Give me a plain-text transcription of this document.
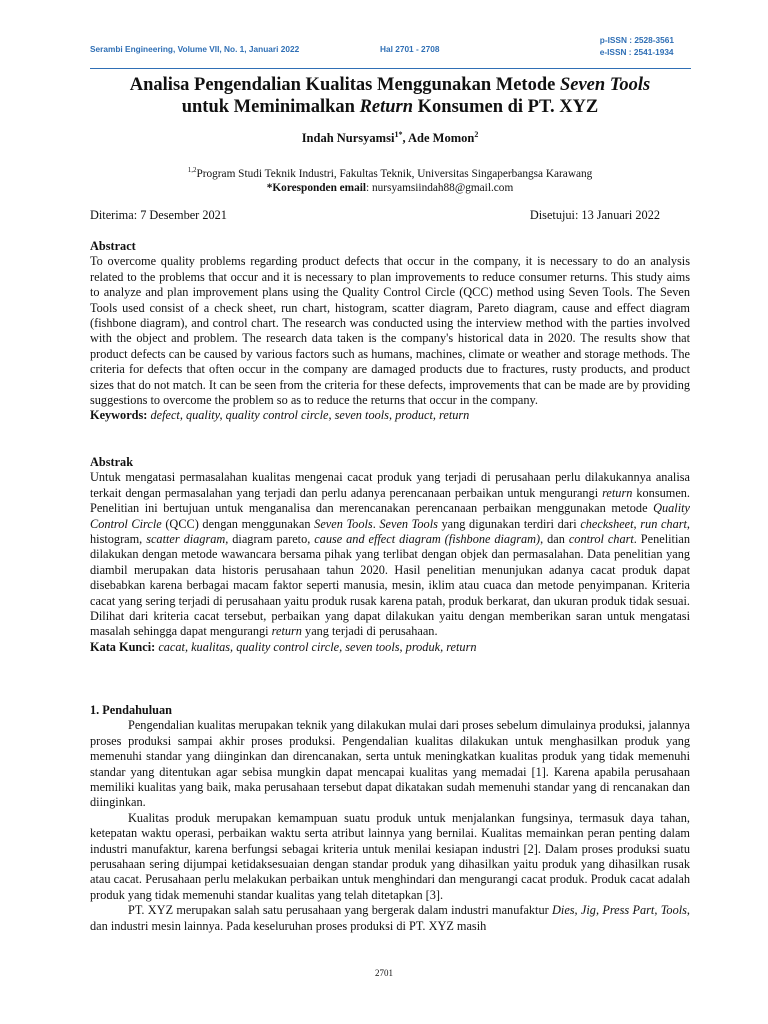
Serambi Engineering, Volume VII, No. 1, Januari 2022	Hal 2701 - 2708
p-ISSN : 2528-3561
e-ISSN : 2541-1934
Analisa Pengendalian Kualitas Menggunakan Metode Seven Tools
untuk Meminimalkan Return Konsumen di PT. XYZ
Indah Nursyamsi$^{1*}$, Ade Momon$^2$
$^{1,2}$Program Studi Teknik Industri, Fakultas Teknik, Universitas Singaperbangsa Karawang
*Koresponden email: nursyamsiindah88@gmail.com
Diterima: 7 Desember 2021	Disetujui: 13 Januari 2022
Abstract

To overcome quality problems regarding product defects that occur in the company, it is necessary to do an analysis related to the problems that occur and it is necessary to plan improvements to reduce consumer returns. This study aims to analyze and plan improvement plans using the Quality Control Circle (QCC) method using Seven Tools. The Seven Tools used consist of a check sheet, run chart, histogram, scatter diagram, Pareto diagram, cause and effect diagram (fishbone diagram), and control chart. The research was conducted using the interview method with the parties involved with the object and problem. The research data taken is the company's historical data in 2020. The results show that product defects can be caused by various factors such as humans, machines, climate or weather and storage methods. The criteria for defects that often occur in the company are damaged products due to fractures, rusty products, and product sizes that do not match. It can be seen from the criteria for these defects, improvements that can be made are by providing suggestions to overcome the problem so as to reduce the returns that occur in the company.

Keywords: defect, quality, quality control circle, seven tools, product, return

Abstrak

Untuk mengatasi permasalahan kualitas mengenai cacat produk yang terjadi di perusahaan perlu dilakukannya analisa terkait dengan permasalahan yang terjadi dan perlu adanya perencanaan perbaikan untuk mengurangi return konsumen. Penelitian ini bertujuan untuk menganalisa dan merencanakan perencanaan perbaikan menggunakan metode Quality Control Circle (QCC) dengan menggunakan Seven Tools. Seven Tools yang digunakan terdiri dari checksheet, run chart, histogram, scatter diagram, diagram pareto, cause and effect diagram (fishbone diagram), dan control chart. Penelitian dilakukan dengan metode wawancara bersama pihak yang terlibat dengan objek dan permasalahan. Data penelitian yang diambil merupakan data historis perusahaan tahun 2020. Hasil penelitian menunjukan adanya cacat produk dapat disebabkan karena berbagai macam faktor seperti manusia, mesin, iklim atau cuaca dan metode penyimpanan. Kriteria cacat yang sering terjadi di perusahaan yaitu produk rusak karena patah, produk berkarat, dan ukuran produk tidak sesuai. Dilihat dari kriteria cacat tersebut, perbaikan yang dapat dilakukan yaitu dengan memberikan saran untuk mengatasi masalah sehingga dapat mengurangi return yang terjadi di perusahaan.

Kata Kunci: cacat, kualitas, quality control circle, seven tools, produk, return

1. Pendahuluan

Pengendalian kualitas merupakan teknik yang dilakukan mulai dari proses sebelum dimulainya produksi, jalannya proses produksi sampai akhir proses produksi. Pengendalian kualitas dilakukan untuk menghasilkan produk yang memenuhi standar yang diinginkan dan direncanakan, serta untuk meningkatkan kualitas produk yang tidak memenuhi standar yang ditentukan agar sebisa mungkin dapat mencapai kualitas yang memadai [1]. Karena apabila perusahaan memiliki kualitas yang baik, maka perusahaan tersebut dapat dikatakan sudah memenuhi standar yang di rencanakan dan diinginkan.

Kualitas produk merupakan kemampuan suatu produk untuk menjalankan fungsinya, termasuk daya tahan, ketepatan waktu operasi, perbaikan waktu serta atribut lainnya yang bernilai. Kualitas memainkan peran penting dalam industri manufaktur, karena berfungsi sebagai kriteria untuk menilai kesiapan industri [2]. Dalam proses produksi suatu perusahaan sering dijumpai ketidaksesuaian dengan standar produk yang dihasilkan yaitu produk yang dihasilkan rusak atau cacat. Perusahaan perlu melakukan perbaikan untuk menghindari dan mengurangi cacat produk. Produk cacat adalah produk yang tidak memenuhi standar kualitas yang telah ditetapkan [3].

PT. XYZ merupakan salah satu perusahaan yang bergerak dalam industri manufaktur Dies, Jig, Press Part, Tools, dan industri mesin lainnya. Pada keseluruhan proses produksi di PT. XYZ masih

2701
